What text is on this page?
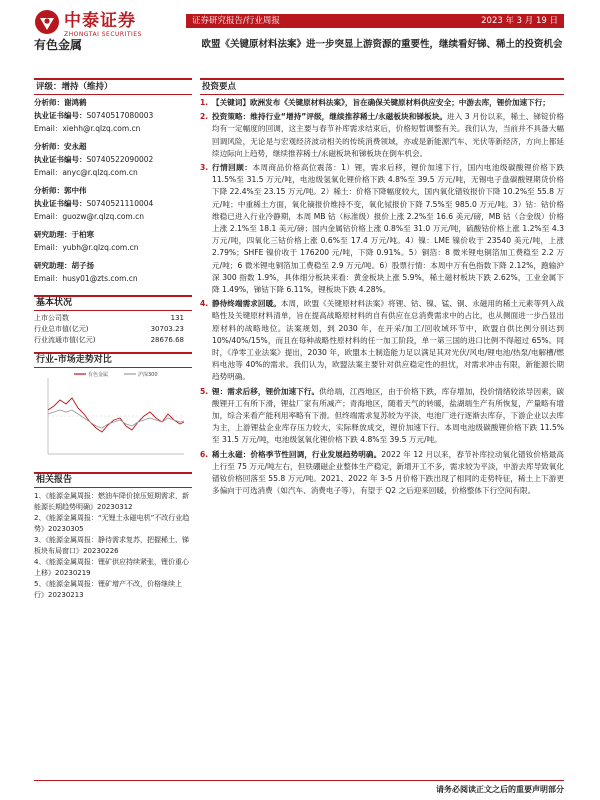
中泰证券
ZHONGTAI SECURITIES
证券研究报告/行业周报	2023 年 3 月 19 日
有色金属	欧盟《关键原材料法案》进一步突显上游资源的重要性，继续看好锑、稀土的投资机会
评级：增持（维持）
分析师：谢鸿鹤
执业证书编号：S0740517080003
Email：xiehh@r.qlzq.com.cn
分析师：安永超
执业证书编号：S0740522090002
Email：anyc@r.qlzq.com.cn
分析师：郭中伟
执业证书编号：S0740521110004
Email：guozw@r.qlzq.com.cn
研究助理：于柏寒
Email：yubh@r.qlzq.com.cn
研究助理：胡子扬
Email：husy01@zts.com.cn
基本状况
上市公司数	131
行业总市值(亿元)	30703.23
行业流通市值(亿元)	28676.68
行业-市场走势对比
有色金属	沪深300
相关报告
1、《能源金属周报：燃油车降价掠压短期需求，新能源长期趋势明确》20230312
2、《能源金属周报：“无锂土永磁电机”不改行业趋势》20230305
3、《能源金属周报：静待需求复苏，把握稀土、锑板块布局窗口》20230226
4、《能源金属周报：锂矿供应持续紧张，锂价重心上移》20230219
5、《能源金属周报：锂矿增产不改，价格继续上行》20230213
投资要点
1. 【关键词】欧洲发布《关键原材料法案》，旨在确保关键原材料供应安全；中游去库，锂价加速下行；
2. 投资策略：维持行业“增持”评级，继续推荐稀土/永磁板块和锑板块。进入 3 月份以来，稀土、锑锭价格均有一定幅度的回调，这主要与春节补库需求结束后，价格短暂调整有关。我们认为，当前并不具备大幅回调风险，无论是与宏观经济波动相关的传统消费领域，亦或是新能源汽车、光伏等新经济，方向上都延续边际向上趋势，继续推荐稀土/永磁板块和锑板块在倒车机会。
3. 行情回顾：本周商品价格高位震荡：1）锂，需求后移，锂价加速下行，国内电池级碳酸锂价格下跌 11.5%至 31.5 万元/吨，电池级氢氧化锂价格下跌 4.8%至 39.5 万元/吨，无锡电子盘碳酸锂期货价格下降 22.4%至 23.15 万元/吨。2）稀土：价格下降幅度较大，国内氧化镨钕报价下降 10.2%至 55.8 万元/吨；中重稀土方面，氧化镝报价维持不变，氧化铽报价下降 7.5%至 985.0 万元/吨。3）钴：钴价格维稳已进入行业冷静期，本周 MB 钴（标准级）报价上涨 2.2%至 16.6 美元/磅，MB 钴（合金级）价格上涨 2.1%至 18.1 美元/磅；国内金属钴价格上涨 0.8%至 31.0 万元/吨，硫酸钴价格上涨 1.2%至 4.3 万元/吨，四氧化三钴价格上涨 0.6%至 17.4 万元/吨。4）镍：LME 镍价收于 23540 美元/吨，上涨 2.79%；SHFE 镍价收于 176200 元/吨，下降 0.91%。5）铜箔：8 微米锂电铜箔加工费稳至 2.2 万元/吨；6 微米锂电铜箔加工费稳至 2.9 万元/吨。6）股票行情：本周中万有色指数下降 2.12%，跑输沪深 300 指数 1.9%，具体细分板块来看：黄金板块上涨 5.9%，稀土磁材板块下跌 2.62%，工业金属下降 1.49%，锑钴下降 6.11%，锂板块下跌 4.28%。
4. 静待终端需求回暖。本周，欧盟《关键原材料法案》将锂、钴、镍、锰、铜、永磁用的稀土元素等列入战略性及关键原材料清单，旨在提高战略原材料的自有供应在总消费需求中的占比，也从侧面进一步凸显出原材料的战略地位。法案规划，到 2030 年，在开采/加工/回收域环节中，欧盟自供比例分别达到 10%/40%/15%，而且在每种战略性原材料的任一加工阶段，单一第三国的进口比例不得超过 65%。同时，《净零工业法案》提出，2030 年，欧盟本土制造能力足以满足其对光伏/风电/锂电池/热泵/电解槽/燃料电池等 40%的需求。我们认为，欧盟法案主要针对供应稳定性的担忧，对需求冲击有限，新能源长期趋势明确。
5. 锂：需求后移，锂价加速下行。供给端，江西地区，由于价格下跌，库存增加，投价情绪较浓导因素，碳酸锂开工有所下滑，锂盐厂家有所减产；青海地区，随着天气的转暖，盐湖端生产有所恢复，产量略有增加，综合来看产能利用率略有下滑。但终端需求复苏较为平淡，电池厂进行逐渐去库存，下游企业以去库为主，上游锂盐企业库存压力较大，实际释放成交，锂价加速下行。本周电池级碳酸锂价格下跌 11.5%至 31.5 万元/吨，电池级氢氧化锂价格下跌 4.8%至 39.5 万元/吨。
6. 稀土永磁：价格季节性回调，行业发展趋势明确。2022 年 12 月以来，春节补库拉动氧化镨钕价格最高上行至 75 万元/吨左右，但铁硼磁企业整体生产稳定，新增开工不多，需求较为平淡，中游去库导致氧化镨钕价格回落至 55.8 万元/吨。2021、2022 年 3-5 月价格下跌出现了相同的走势特征，稀土上下游更多偏向于可选消费（如汽车、消费电子等），有望于 Q2 之后迎来回暖，价格整体下行空间有限。
请务必阅读正文之后的重要声明部分
